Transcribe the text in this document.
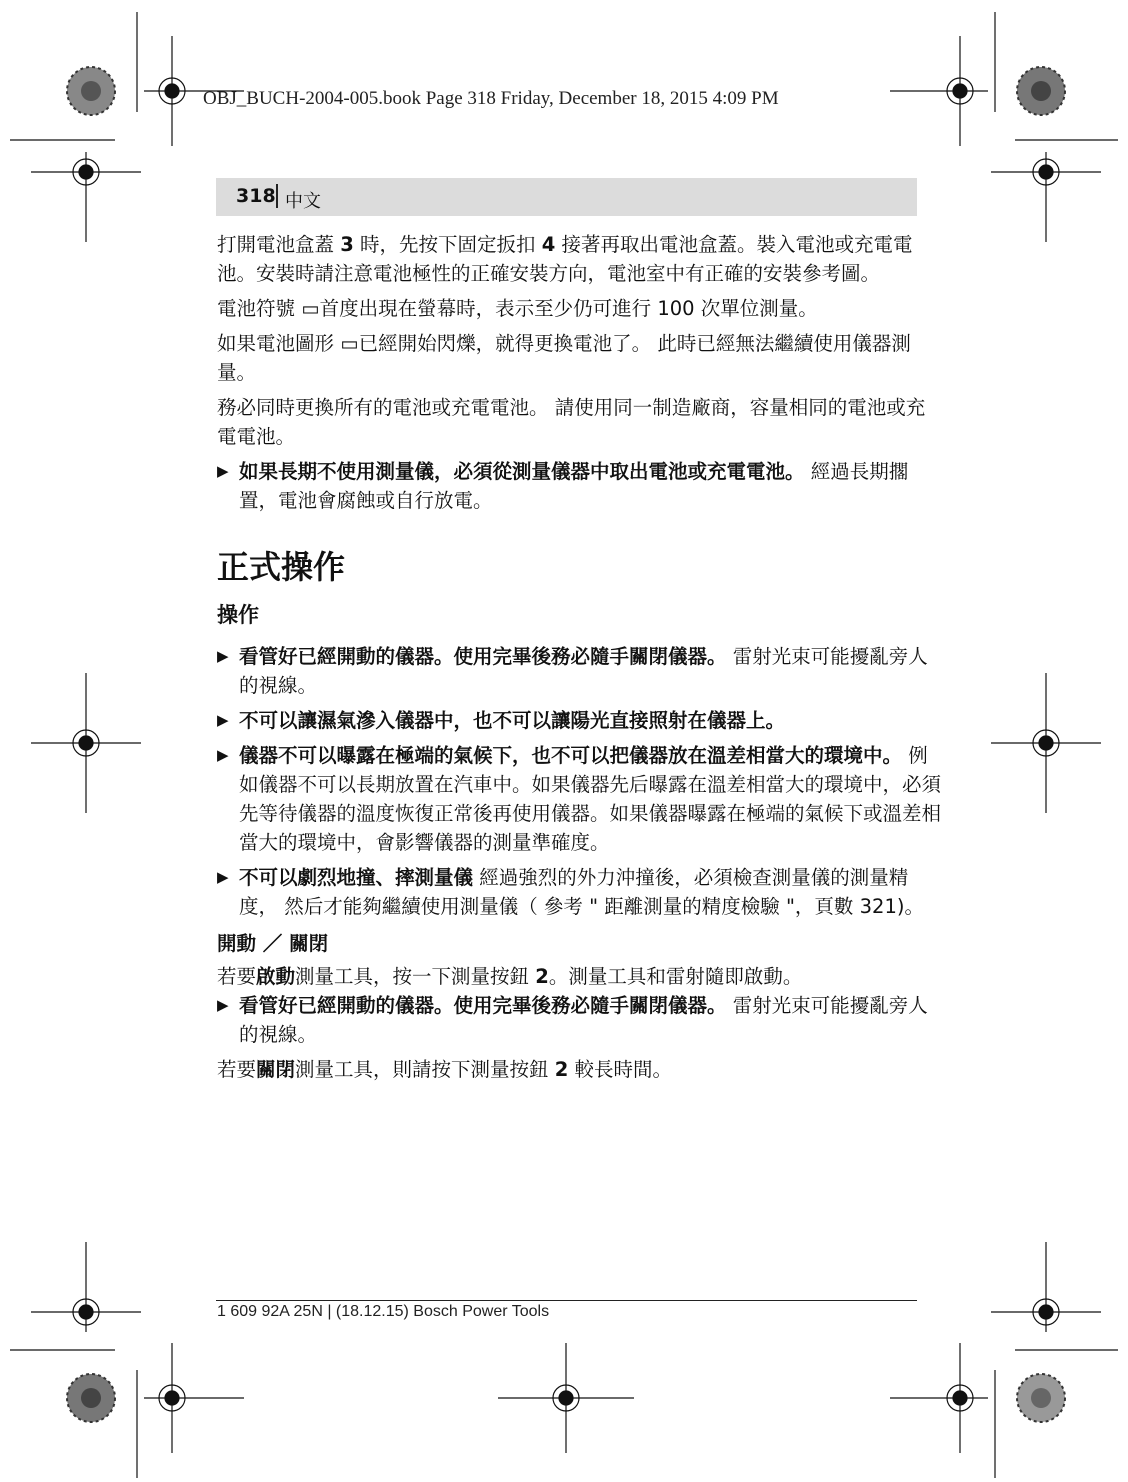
OBJ_BUCH-2004-005.book Page 318 Friday, December 18, 2015 4:09 PM
318 中文

打開電池盒蓋 3 時，先按下固定扳扣 4 接著再取出電池盒蓋。裝入電池或充電電池。安裝時請注意電池極性的正確安裝方向，電池室中有正確的安裝參考圖。

電池符號 ▭首度出現在螢幕時，表示至少仍可進行 100 次單位測量。

如果電池圖形 ▭已經開始閃爍，就得更換電池了。 此時已經無法繼續使用儀器測量。

務必同時更換所有的電池或充電電池。 請使用同一制造廠商，容量相同的電池或充電電池。

▶ 如果長期不使用測量儀，必須從測量儀器中取出電池或充電電池。 經過長期擱置，電池會腐蝕或自行放電。
正式操作
操作
▶ 看管好已經開動的儀器。使用完畢後務必隨手關閉儀器。 雷射光束可能擾亂旁人的視線。
▶ 不可以讓濕氣滲入儀器中，也不可以讓陽光直接照射在儀器上。
▶ 儀器不可以曝露在極端的氣候下，也不可以把儀器放在溫差相當大的環境中。 例如儀器不可以長期放置在汽車中。如果儀器先后曝露在溫差相當大的環境中，必須先等待儀器的溫度恢復正常後再使用儀器。如果儀器曝露在極端的氣候下或溫差相當大的環境中，會影響儀器的測量準確度。
▶ 不可以劇烈地撞、摔測量儀 經過強烈的外力沖撞後，必須檢查測量儀的測量精度， 然后才能夠繼續使用測量儀（ 參考 " 距離測量的精度檢驗 "，頁數 321)。
開動 ／ 關閉

若要啟動測量工具，按一下測量按鈕 2。測量工具和雷射隨即啟動。

▶ 看管好已經開動的儀器。使用完畢後務必隨手關閉儀器。 雷射光束可能擾亂旁人的視線。

若要關閉測量工具，則請按下測量按鈕 2 較長時間。

1 609 92A 25N | (18.12.15) Bosch Power Tools
